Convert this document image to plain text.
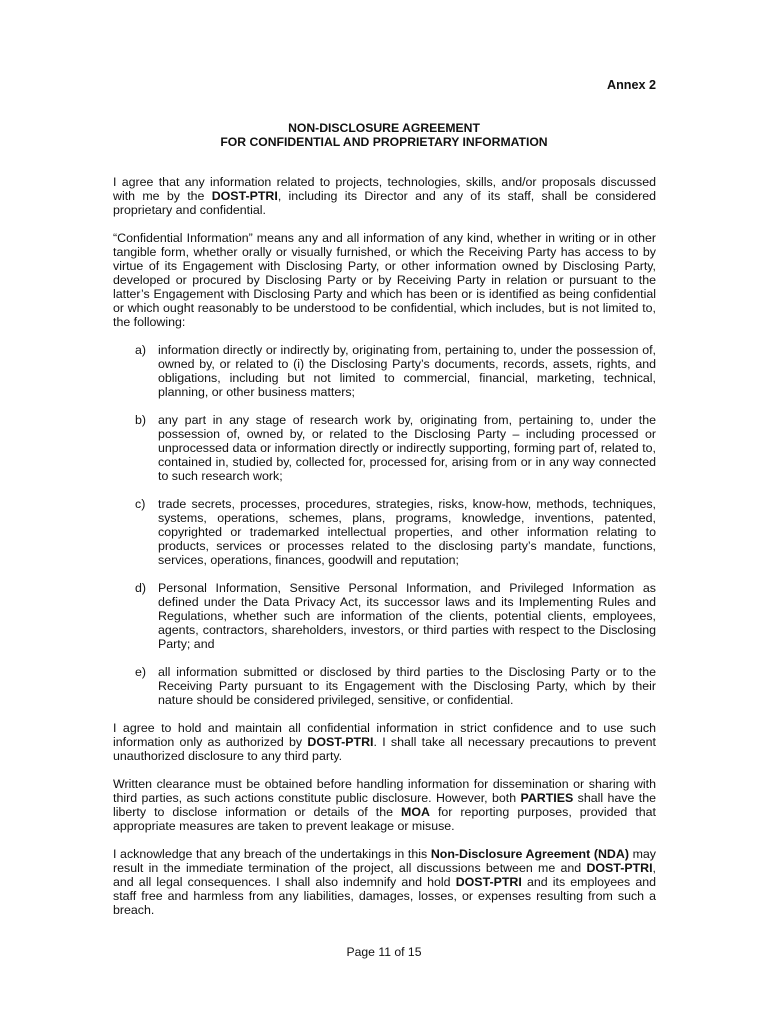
Annex 2
NON-DISCLOSURE AGREEMENT
FOR CONFIDENTIAL AND PROPRIETARY INFORMATION

I agree that any information related to projects, technologies, skills, and/or proposals discussed with me by the DOST-PTRI, including its Director and any of its staff, shall be considered proprietary and confidential.

“Confidential Information” means any and all information of any kind, whether in writing or in other tangible form, whether orally or visually furnished, or which the Receiving Party has access to by virtue of its Engagement with Disclosing Party, or other information owned by Disclosing Party, developed or procured by Disclosing Party or by Receiving Party in relation or pursuant to the latter’s Engagement with Disclosing Party and which has been or is identified as being confidential or which ought reasonably to be understood to be confidential, which includes, but is not limited to, the following:

a) information directly or indirectly by, originating from, pertaining to, under the possession of, owned by, or related to (i) the Disclosing Party’s documents, records, assets, rights, and obligations, including but not limited to commercial, financial, marketing, technical, planning, or other business matters;
b) any part in any stage of research work by, originating from, pertaining to, under the possession of, owned by, or related to the Disclosing Party – including processed or unprocessed data or information directly or indirectly supporting, forming part of, related to, contained in, studied by, collected for, processed for, arising from or in any way connected to such research work;
c) trade secrets, processes, procedures, strategies, risks, know-how, methods, techniques, systems, operations, schemes, plans, programs, knowledge, inventions, patented, copyrighted or trademarked intellectual properties, and other information relating to products, services or processes related to the disclosing party’s mandate, functions, services, operations, finances, goodwill and reputation;
d) Personal Information, Sensitive Personal Information, and Privileged Information as defined under the Data Privacy Act, its successor laws and its Implementing Rules and Regulations, whether such are information of the clients, potential clients, employees, agents, contractors, shareholders, investors, or third parties with respect to the Disclosing Party; and
e) all information submitted or disclosed by third parties to the Disclosing Party or to the Receiving Party pursuant to its Engagement with the Disclosing Party, which by their nature should be considered privileged, sensitive, or confidential.

I agree to hold and maintain all confidential information in strict confidence and to use such information only as authorized by DOST-PTRI. I shall take all necessary precautions to prevent unauthorized disclosure to any third party.

Written clearance must be obtained before handling information for dissemination or sharing with third parties, as such actions constitute public disclosure. However, both PARTIES shall have the liberty to disclose information or details of the MOA for reporting purposes, provided that appropriate measures are taken to prevent leakage or misuse.

I acknowledge that any breach of the undertakings in this Non-Disclosure Agreement (NDA) may result in the immediate termination of the project, all discussions between me and DOST-PTRI, and all legal consequences. I shall also indemnify and hold DOST-PTRI and its employees and staff free and harmless from any liabilities, damages, losses, or expenses resulting from such a breach.

Page 11 of 15
